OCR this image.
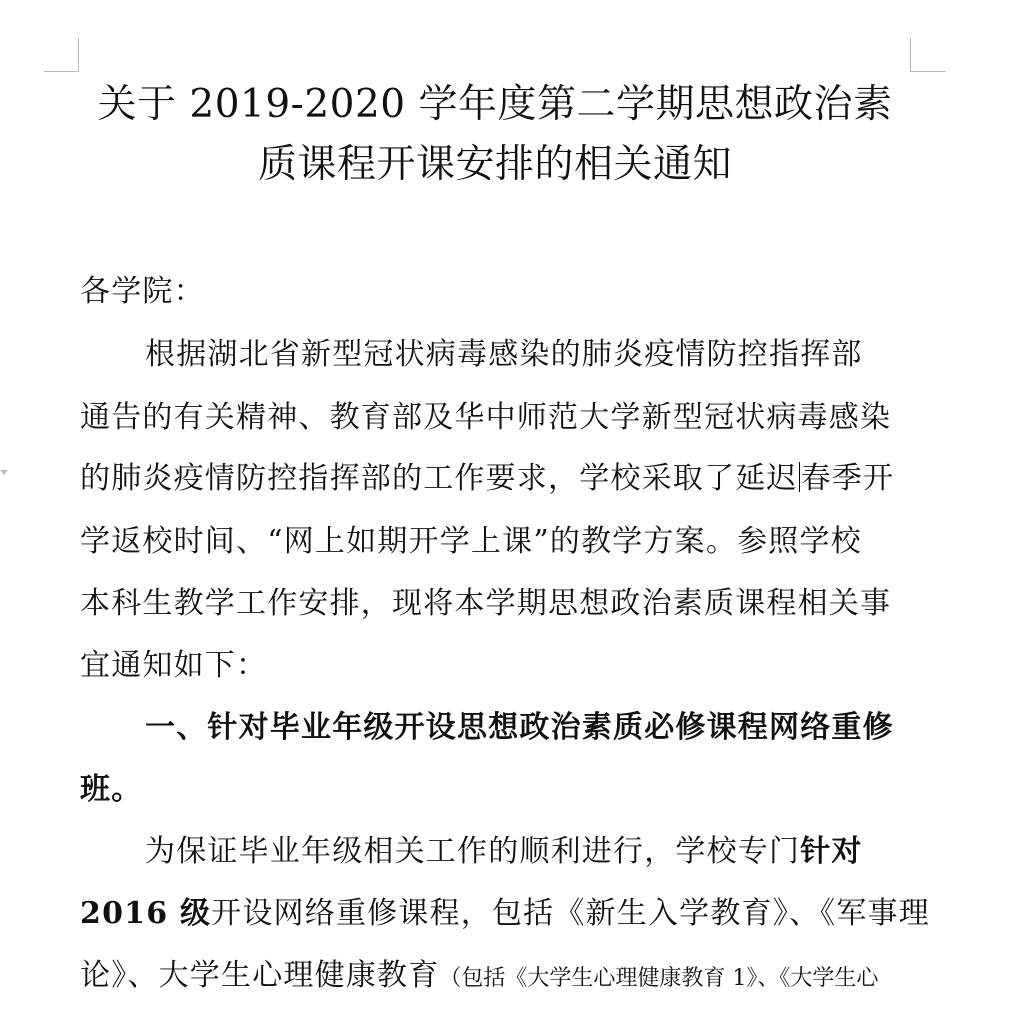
关于 2019-2020 学年度第二学期思想政治素
质课程开课安排的相关通知
各学院：
根据湖北省新型冠状病毒感染的肺炎疫情防控指挥部
通告的有关精神、教育部及华中师范大学新型冠状病毒感染
的肺炎疫情防控指挥部的工作要求，学校采取了延迟 春季开
学返校时间、“网上如期开学上课”的教学方案。参照学校
本科生教学工作安排，现将本学期思想政治素质课程相关事
宜通知如下：
一、针对毕业年级开设思想政治素质必修课程网络重修
班。
为保证毕业年级相关工作的顺利进行，学校专门针对
2016 级开设网络重修课程，包括《新生入学教育》、《军事理
论》、大学生心理健康教育（包括《大学生心理健康教育 1》、《大学生心
